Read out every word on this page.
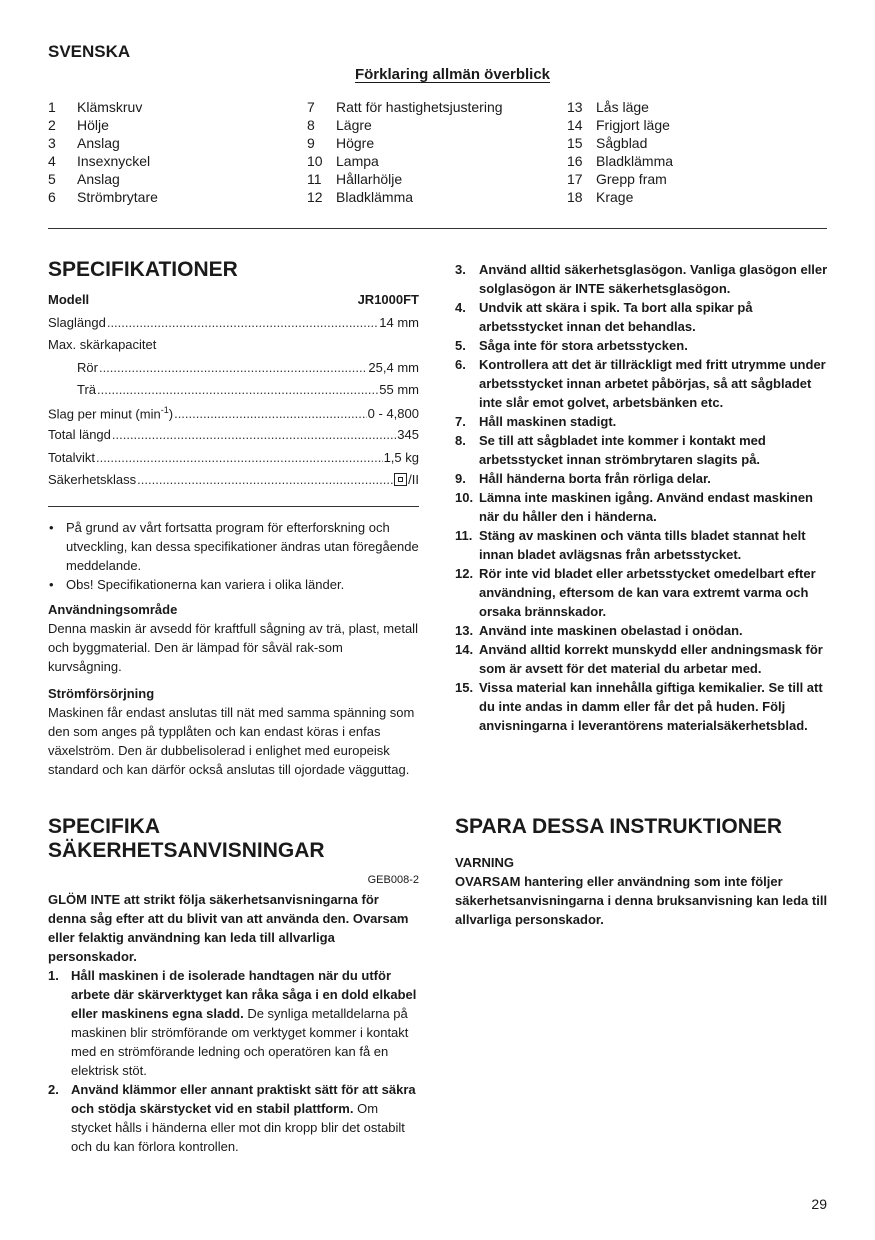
SVENSKA
Förklaring allmän överblick
1	Klämskruv
2	Hölje
3	Anslag
4	Insexnyckel
5	Anslag
6	Strömbrytare
7	Ratt för hastighetsjustering
8	Lägre
9	Högre
10 Lampa
11	Hållarhölje
12 Bladklämma
13 Lås läge
14 Frigjort läge
15 Sågblad
16 Bladklämma
17 Grepp fram
18 Krage
SPECIFIKATIONER
Modell	JR1000FT
Slaglängd .....	14 mm
Max. skärkapacitet
Rör .....	25,4 mm
Trä .....	55 mm
Slag per minut $(\min^{-1})$ .....	0 - 4,800
Total längd .....	345
Totalvikt .....	1,5 kg
Säkerhetsklass .....	/II
• På grund av vårt fortsatta program för efterforskning och utveckling, kan dessa specifikationer ändras utan föregående meddelande.
• Obs! Specifikationerna kan variera i olika länder.
Användningsområde
Denna maskin är avsedd för kraftfull sågning av trä, plast, metall och byggmaterial. Den är lämpad för såväl rak-som kurvsågning.
Strömförsörjning
Maskinen får endast anslutas till nät med samma spänning som den som anges på typplåten och kan endast köras i enfas växelström. Den är dubbelisolerad i enlighet med europeisk standard och kan därför också anslutas till ojordade vägguttag.
SPECIFIKA
SÄKERHETSANVISNINGAR
GEB008-2
GLÖM INTE att strikt följa säkerhetsanvisningarna för denna såg efter att du blivit van att använda den. Ovarsam eller felaktig användning kan leda till allvarliga personskador.
1. Håll maskinen i de isolerade handtagen när du utför arbete där skärverktyget kan råka såga i en dold elkabel eller maskinens egna sladd. De synliga metalldelarna på maskinen blir strömförande om verktyget kommer i kontakt med en strömförande ledning och operatören kan få en elektrisk stöt.
2. Använd klämmor eller annant praktiskt sätt för att säkra och stödja skärstycket vid en stabil plattform. Om stycket hålls i händerna eller mot din kropp blir det ostabilt och du kan förlora kontrollen.
3.	Använd alltid säkerhetsglasögon. Vanliga glasögon eller solglasögon är INTE säkerhetsglasögon.
4.	Undvik att skära i spik. Ta bort alla spikar på arbetsstycket innan det behandlas.
5.	Såga inte för stora arbetsstycken.
6.	Kontrollera att det är tillräckligt med fritt utrymme under arbetsstycket innan arbetet påbörjas, så att sågbladet inte slår emot golvet, arbetsbänken etc.
7.	Håll maskinen stadigt.
8.	Se till att sågbladet inte kommer i kontakt med arbetsstycket innan strömbrytaren slagits på.
9.	Håll händerna borta från rörliga delar.
10. Lämna inte maskinen igång. Använd endast maskinen när du håller den i händerna.
11. Stäng av maskinen och vänta tills bladet stannat helt innan bladet avlägsnas från arbetsstycket.
12. Rör inte vid bladet eller arbetsstycket omedelbart efter användning, eftersom de kan vara extremt varma och orsaka brännskador.
13. Använd inte maskinen obelastad i onödan.
14. Använd alltid korrekt munskydd eller andningsmask för som är avsett för det material du arbetar med.
15. Vissa material kan innehålla giftiga kemikalier. Se till att du inte andas in damm eller får det på huden. Följ anvisningarna i leverantörens materialsäkerhetsblad.
SPARA DESSA INSTRUKTIONER
VARNING
OVARSAM hantering eller användning som inte följer säkerhetsanvisningarna i denna bruksanvisning kan leda till allvarliga personskador.
29
